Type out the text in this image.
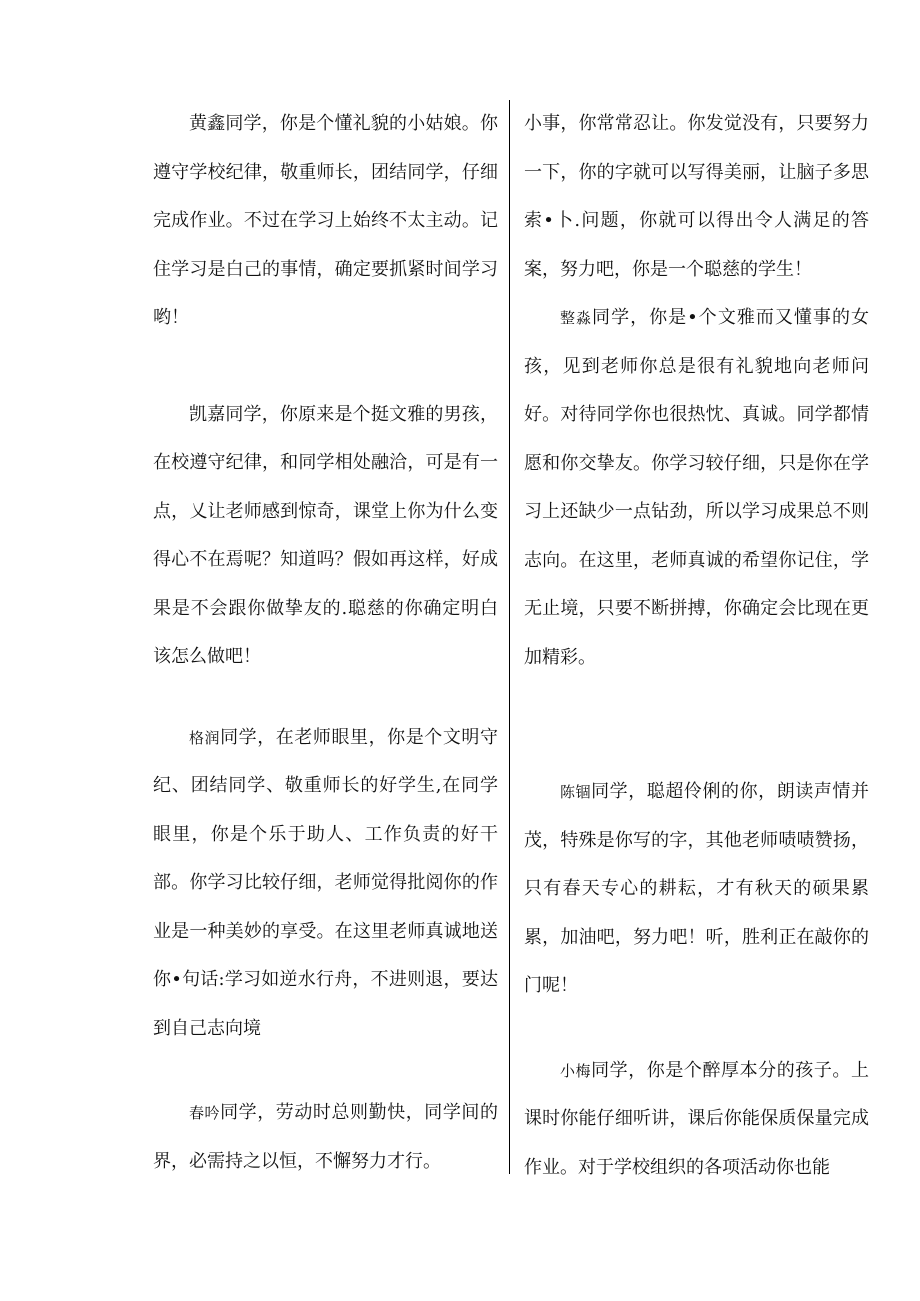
黄鑫同学，你是个懂礼貌的小姑娘。你遵守学校纪律，敬重师长，团结同学，仔细完成作业。不过在学习上始终不太主动。记住学习是白己的事情，确定要抓紧时间学习哟！

凯嘉同学，你原来是个挺文雅的男孩，在校遵守纪律，和同学相处融洽，可是有一点，乂让老师感到惊奇，课堂上你为什么变得心不在焉呢？知道吗？假如再这样，好成果是不会跟你做挚友的.聪慈的你确定明白该怎么做吧！

格润同学，在老师眼里，你是个文明守纪、团结同学、敬重师长的好学生,在同学眼里，你是个乐于助人、工作负责的好干部。你学习比较仔细，老师觉得批阅你的作业是一种美妙的享受。在这里老师真诚地送你•句话:学习如逆水行舟，不进则退，要达到自己志向境

春吟同学，劳动时总则勤快，同学间的界，必需持之以恒，不懈努力才行。

小事，你常常忍让。你发觉没有，只要努力一下，你的字就可以写得美丽，让脑子多思索•卜.问题，你就可以得出令人满足的答案，努力吧，你是一个聪慈的学生！

整淼同学，你是•个文雅而又懂事的女孩，见到老师你总是很有礼貌地向老师问好。对待同学你也很热忱、真诚。同学都情愿和你交挚友。你学习较仔细，只是你在学习上还缺少一点钻劲，所以学习成果总不则志向。在这里，老师真诚的希望你记住，学无止境，只要不断拼搏，你确定会比现在更加精彩。

陈锢同学，聪超伶俐的你，朗读声情并茂，特殊是你写的字，其他老师啧啧赞扬，只有春天专心的耕耘，才有秋天的硕果累累，加油吧，努力吧！听，胜利正在敲你的门呢！

小梅同学，你是个醉厚本分的孩子。上课时你能仔细听讲，课后你能保质保量完成作业。对于学校组织的各项活动你也能
